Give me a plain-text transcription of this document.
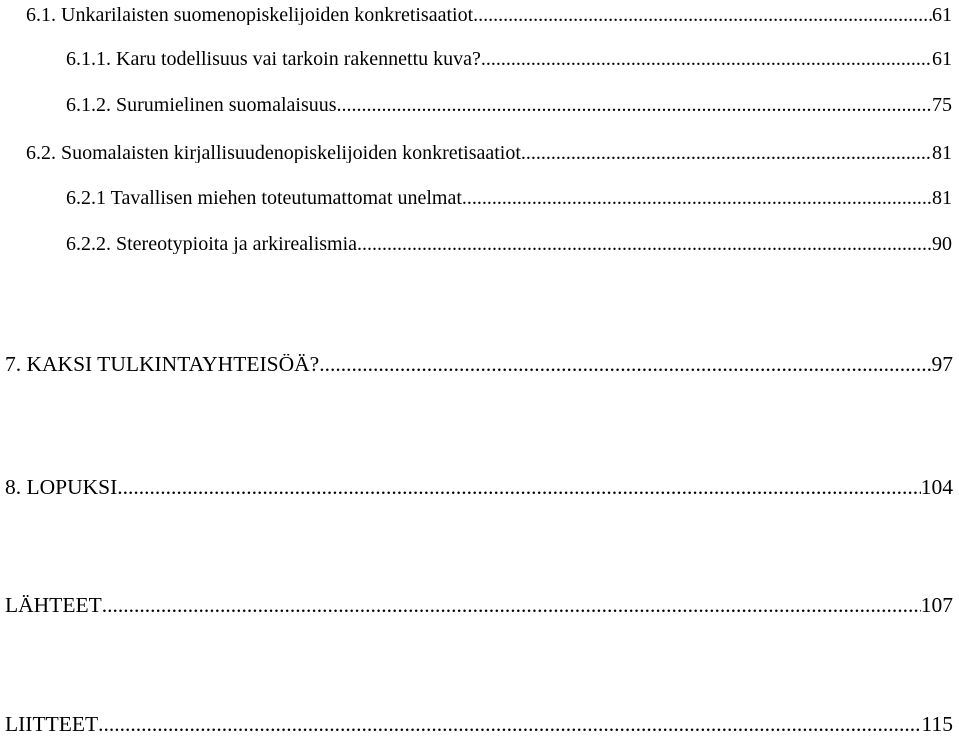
6.1. Unkarilaisten suomenopiskelijoiden konkretisaatiot .....	61
6.1.1. Karu todellisuus vai tarkoin rakennettu kuva? .....	61
6.1.2. Surumielinen suomalaisuus .....	75
6.2. Suomalaisten kirjallisuudenopiskelijoiden konkretisaatiot .....	81
6.2.1 Tavallisen miehen toteutumattomat unelmat .....	81
6.2.2. Stereotypioita ja arkirealismia .....	90
7. KAKSI TULKINTAYHTEISÖÄ? .....	97
8. LOPUKSI .....	104
LÄHTEET .....	107
LIITTEET .....	115
